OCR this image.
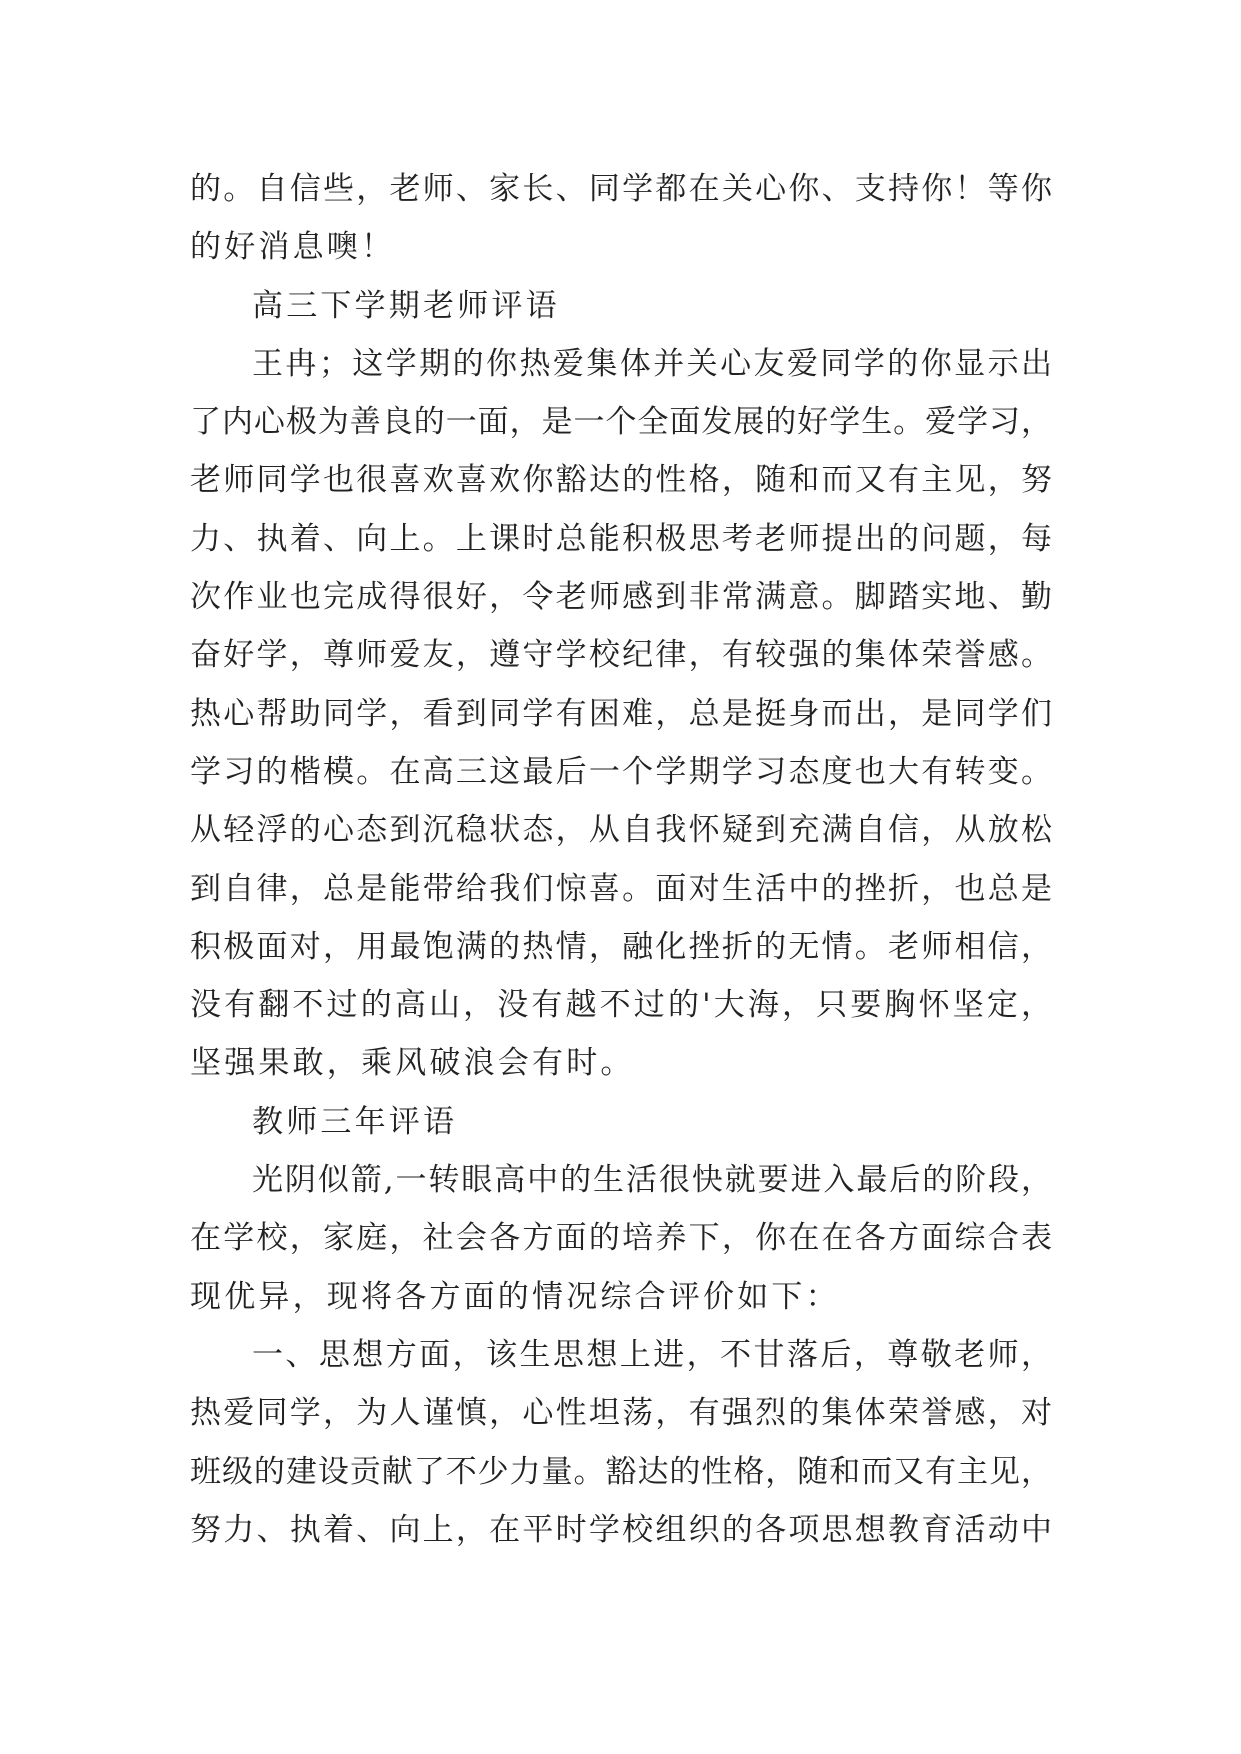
的。自信些，老师、家长、同学都在关心你、支持你！等你
的好消息噢！
高三下学期老师评语
王冉；这学期的你热爱集体并关心友爱同学的你显示出
了内心极为善良的一面，是一个全面发展的好学生。爱学习，
老师同学也很喜欢喜欢你豁达的性格，随和而又有主见，努
力、执着、向上。上课时总能积极思考老师提出的问题，每
次作业也完成得很好，令老师感到非常满意。脚踏实地、勤
奋好学，尊师爱友，遵守学校纪律，有较强的集体荣誉感。
热心帮助同学，看到同学有困难，总是挺身而出，是同学们
学习的楷模。在高三这最后一个学期学习态度也大有转变。
从轻浮的心态到沉稳状态，从自我怀疑到充满自信，从放松
到自律，总是能带给我们惊喜。面对生活中的挫折，也总是
积极面对，用最饱满的热情，融化挫折的无情。老师相信，
没有翻不过的高山，没有越不过的'大海，只要胸怀坚定，
坚强果敢，乘风破浪会有时。
教师三年评语
光阴似箭,一转眼高中的生活很快就要进入最后的阶段，
在学校，家庭，社会各方面的培养下，你在在各方面综合表
现优异，现将各方面的情况综合评价如下：
一、思想方面，该生思想上进，不甘落后，尊敬老师，
热爱同学，为人谨慎，心性坦荡，有强烈的集体荣誉感，对
班级的建设贡献了不少力量。豁达的性格，随和而又有主见，
努力、执着、向上，在平时学校组织的各项思想教育活动中
